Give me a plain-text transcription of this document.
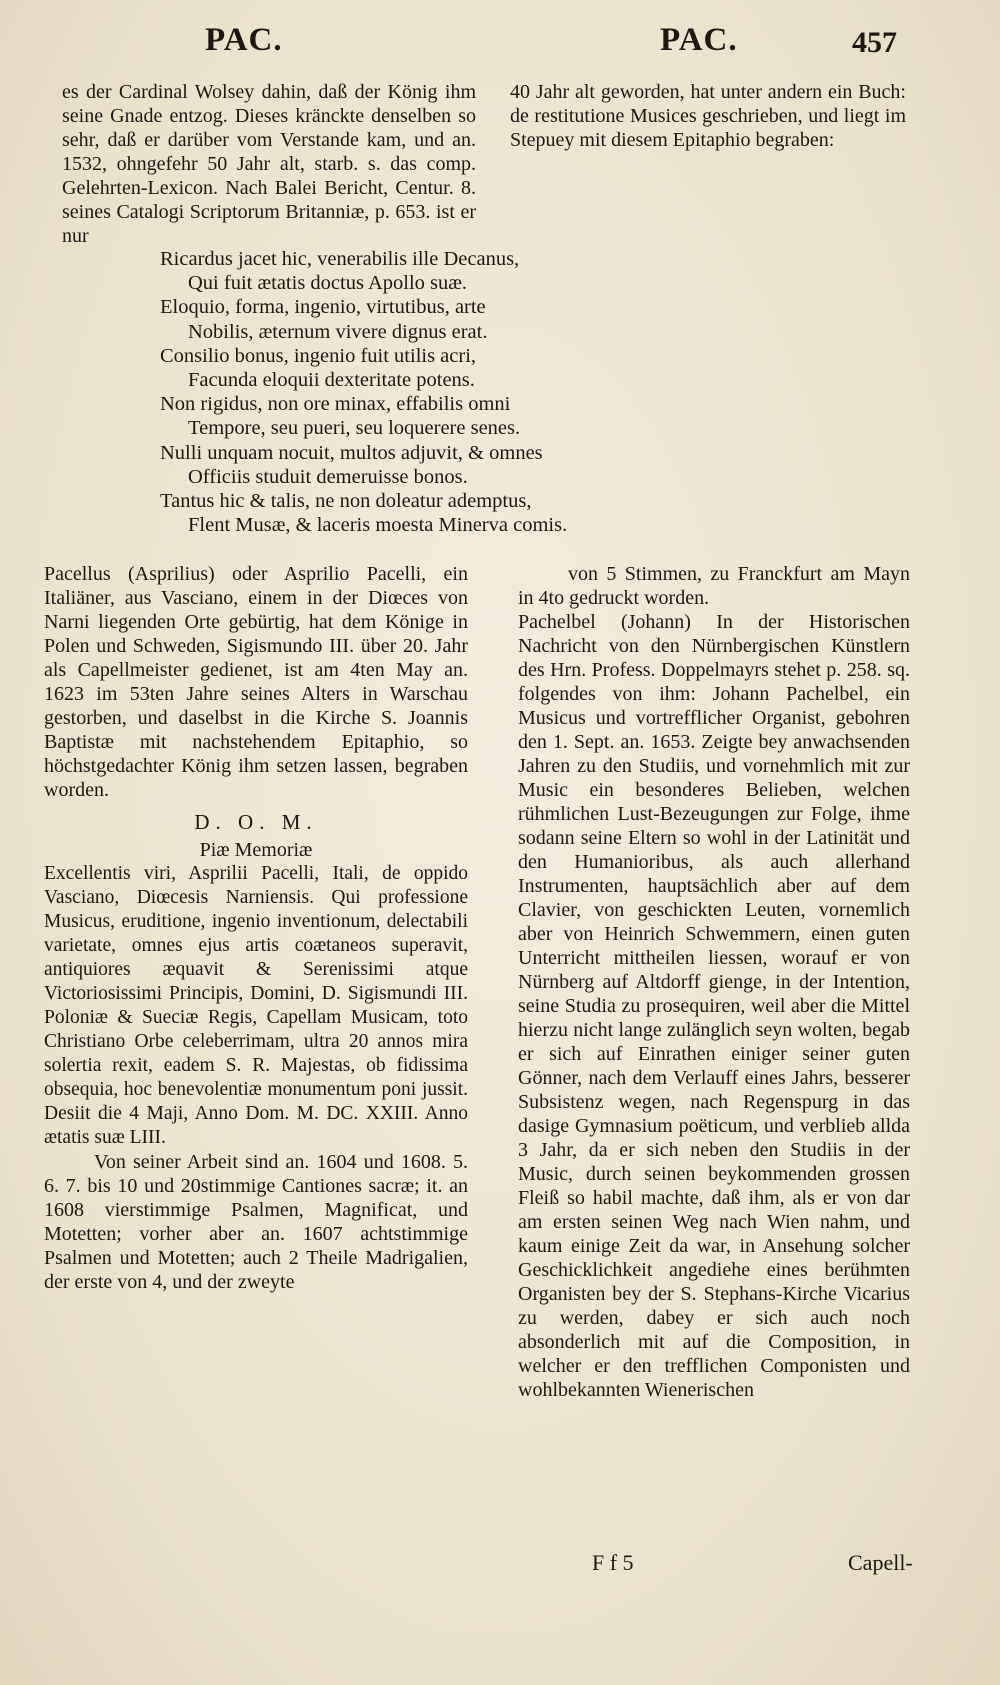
PAC.	PAC.	457

es der Cardinal Wolsey dahin, daß der König ihm seine Gnade entzog. Dieses kränckte denselben so sehr, daß er darüber vom Verstande kam, und an. 1532, ohngefehr 50 Jahr alt, starb. s. das comp. Gelehrten-Lexicon. Nach Balei Bericht, Centur. 8. seines Catalogi Scriptorum Britanniæ, p. 653. ist er nur

40 Jahr alt geworden, hat unter andern ein Buch: de restitutione Musices geschrieben, und liegt im Stepuey mit diesem Epitaphio begraben:

Ricardus jacet hic, venerabilis ille Decanus,
Qui fuit ætatis doctus Apollo suæ.
Eloquio, forma, ingenio, virtutibus, arte
Nobilis, æternum vivere dignus erat.
Consilio bonus, ingenio fuit utilis acri,
Facunda eloquii dexteritate potens.
Non rigidus, non ore minax, effabilis omni
Tempore, seu pueri, seu loquerere senes.
Nulli unquam nocuit, multos adjuvit, & omnes
Officiis studuit demeruisse bonos.
Tantus hic & talis, ne non doleatur ademptus,
Flent Musæ, & laceris moesta Minerva comis.

Pacellus (Asprilius) oder Asprilio Pacelli, ein Italiäner, aus Vasciano, einem in der Diœces von Narni liegenden Orte gebürtig, hat dem Könige in Polen und Schweden, Sigismundo III. über 20. Jahr als Capellmeister gedienet, ist am 4ten May an. 1623 im 53ten Jahre seines Alters in Warschau gestorben, und daselbst in die Kirche S. Joannis Baptistæ mit nachstehendem Epitaphio, so höchstgedachter König ihm setzen lassen, begraben worden.

D. O. M.

Piæ Memoriæ

Excellentis viri, Asprilii Pacelli, Itali, de oppido Vasciano, Diœcesis Narniensis. Qui professione Musicus, eruditione, ingenio inventionum, delectabili varietate, omnes ejus artis coætaneos superavit, antiquiores æquavit & Serenissimi atque Victoriosissimi Principis, Domini, D. Sigismundi III. Poloniæ & Sueciæ Regis, Capellam Musicam, toto Christiano Orbe celeberrimam, ultra 20 annos mira solertia rexit, eadem S. R. Majestas, ob fidissima obsequia, hoc benevolentiæ monumentum poni jussit. Desiit die 4 Maji, Anno Dom. M. DC. XXIII. Anno ætatis suæ LIII.

Von seiner Arbeit sind an. 1604 und 1608. 5. 6. 7. bis 10 und 20stimmige Cantiones sacræ; it. an 1608 vierstimmige Psalmen, Magnificat, und Motetten; vorher aber an. 1607 achtstimmige Psalmen und Motetten; auch 2 Theile Madrigalien, der erste von 4, und der zweyte

von 5 Stimmen, zu Franckfurt am Mayn in 4to gedruckt worden.

Pachelbel (Johann) In der Historischen Nachricht von den Nürnbergischen Künstlern des Hrn. Profess. Doppelmayrs stehet p. 258. sq. folgendes von ihm: Johann Pachelbel, ein Musicus und vortrefflicher Organist, gebohren den 1. Sept. an. 1653. Zeigte bey anwachsenden Jahren zu den Studiis, und vornehmlich mit zur Music ein besonderes Belieben, welchen rühmlichen Lust-Bezeugungen zur Folge, ihme sodann seine Eltern so wohl in der Latinität und den Humanioribus, als auch allerhand Instrumenten, hauptsächlich aber auf dem Clavier, von geschickten Leuten, vornemlich aber von Heinrich Schwemmern, einen guten Unterricht mittheilen liessen, worauf er von Nürnberg auf Altdorff gienge, in der Intention, seine Studia zu prosequiren, weil aber die Mittel hierzu nicht lange zulänglich seyn wolten, begab er sich auf Einrathen einiger seiner guten Gönner, nach dem Verlauff eines Jahrs, besserer Subsistenz wegen, nach Regenspurg in das dasige Gymnasium poëticum, und verblieb allda 3 Jahr, da er sich neben den Studiis in der Music, durch seinen beykommenden grossen Fleiß so habil machte, daß ihm, als er von dar am ersten seinen Weg nach Wien nahm, und kaum einige Zeit da war, in Ansehung solcher Geschicklichkeit angediehe eines berühmten Organisten bey der S. Stephans-Kirche Vicarius zu werden, dabey er sich auch noch absonderlich mit auf die Composition, in welcher er den trefflichen Componisten und wohlbekannten Wienerischen

F f 5	Capell-
